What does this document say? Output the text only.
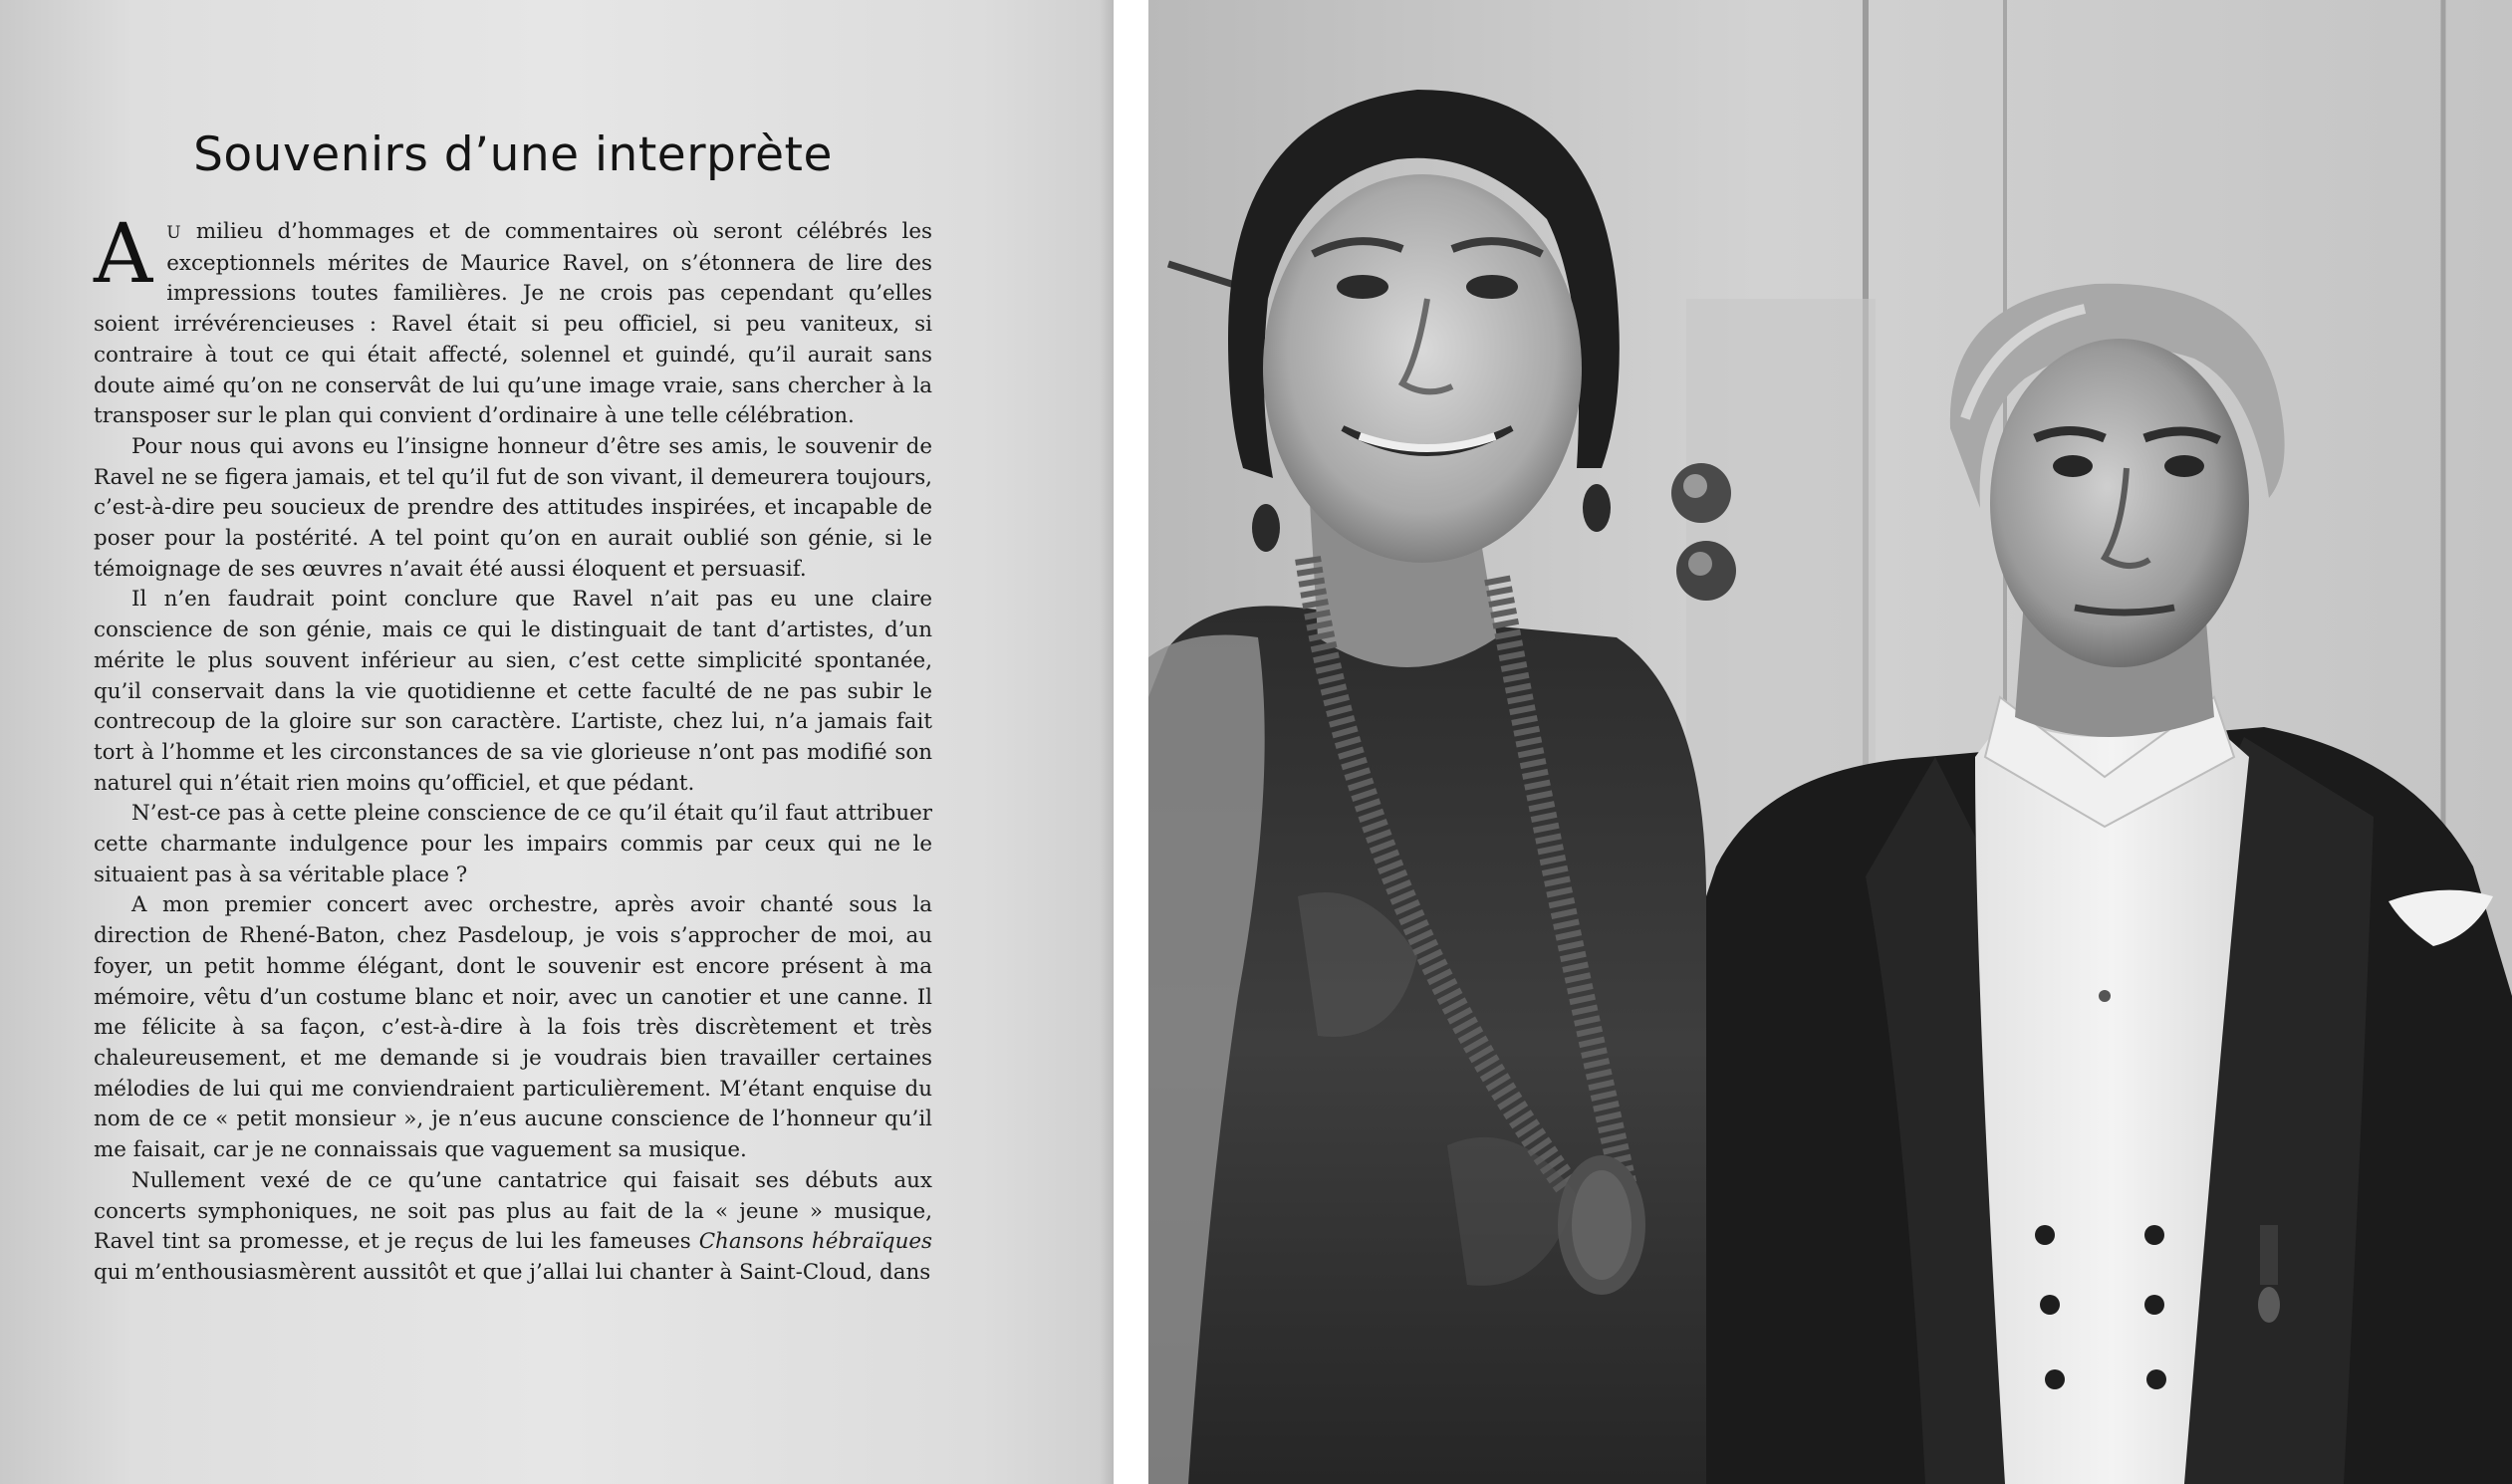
Souvenirs d’une interprète

AU milieu d’hommages et de commentaires où seront célébrés les exceptionnels mérites de Maurice Ravel, on s’étonnera de lire des impressions toutes familières. Je ne crois pas cependant qu’elles soient irrévérencieuses : Ravel était si peu officiel, si peu vaniteux, si contraire à tout ce qui était affecté, solennel et guindé, qu’il aurait sans doute aimé qu’on ne conservât de lui qu’une image vraie, sans chercher à la transposer sur le plan qui convient d’ordinaire à une telle célébration.

Pour nous qui avons eu l’insigne honneur d’être ses amis, le souvenir de Ravel ne se figera jamais, et tel qu’il fut de son vivant, il demeurera toujours, c’est-à-dire peu soucieux de prendre des attitudes inspirées, et incapable de poser pour la postérité. A tel point qu’on en aurait oublié son génie, si le témoignage de ses œuvres n’avait été aussi éloquent et persuasif.

Il n’en faudrait point conclure que Ravel n’ait pas eu une claire conscience de son génie, mais ce qui le distinguait de tant d’artistes, d’un mérite le plus souvent inférieur au sien, c’est cette simplicité spontanée, qu’il conservait dans la vie quotidienne et cette faculté de ne pas subir le contrecoup de la gloire sur son caractère. L’artiste, chez lui, n’a jamais fait tort à l’homme et les circonstances de sa vie glorieuse n’ont pas modifié son naturel qui n’était rien moins qu’officiel, et que pédant.

N’est-ce pas à cette pleine conscience de ce qu’il était qu’il faut attribuer cette charmante indulgence pour les impairs commis par ceux qui ne le situaient pas à sa véritable place ?

A mon premier concert avec orchestre, après avoir chanté sous la direction de Rhené-Baton, chez Pasdeloup, je vois s’approcher de moi, au foyer, un petit homme élégant, dont le souvenir est encore présent à ma mémoire, vêtu d’un costume blanc et noir, avec un canotier et une canne. Il me félicite à sa façon, c’est-à-dire à la fois très discrètement et très chaleureusement, et me demande si je voudrais bien travailler certaines mélodies de lui qui me conviendraient particulièrement. M’étant enquise du nom de ce « petit monsieur », je n’eus aucune conscience de l’honneur qu’il me faisait, car je ne connaissais que vaguement sa musique.

Nullement vexé de ce qu’une cantatrice qui faisait ses débuts aux concerts symphoniques, ne soit pas plus au fait de la « jeune » musique, Ravel tint sa promesse, et je reçus de lui les fameuses Chansons hébraïques qui m’enthousiasmèrent aussitôt et que j’allai lui chanter à Saint-Cloud, dans
